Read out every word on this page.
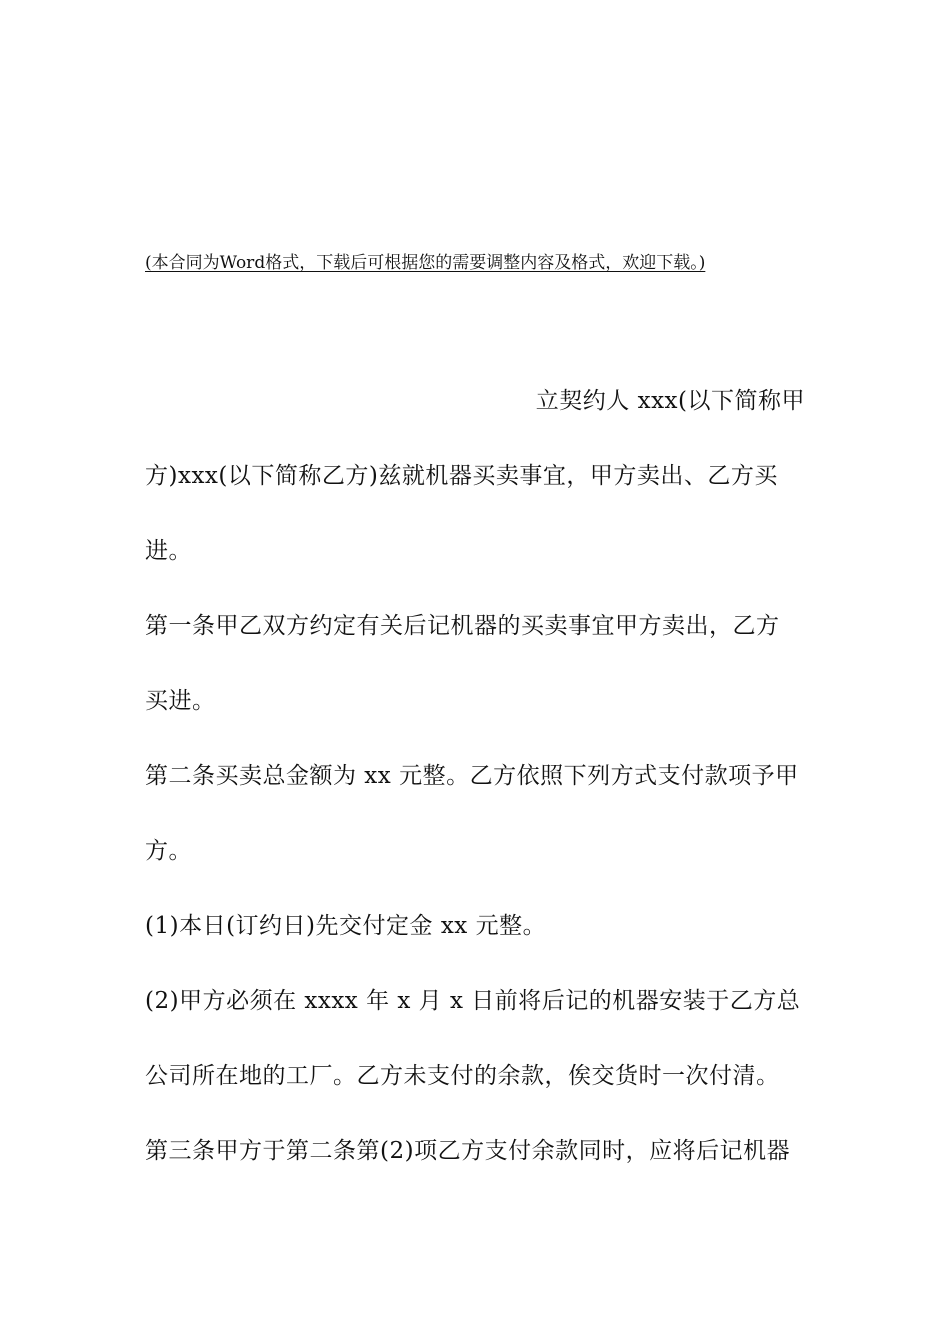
(本合同为Word格式，下载后可根据您的需要调整内容及格式，欢迎下载。)
立契约人 xxx(以下简称甲
方)xxx(以下简称乙方)兹就机器买卖事宜，甲方卖出、乙方买
进。
第一条甲乙双方约定有关后记机器的买卖事宜甲方卖出，乙方
买进。
第二条买卖总金额为 xx 元整。乙方依照下列方式支付款项予甲
方。
(1)本日(订约日)先交付定金 xx 元整。
(2)甲方必须在 xxxx 年 x 月 x 日前将后记的机器安装于乙方总
公司所在地的工厂。乙方未支付的余款，俟交货时一次付清。
第三条甲方于第二条第(2)项乙方支付余款同时，应将后记机器
